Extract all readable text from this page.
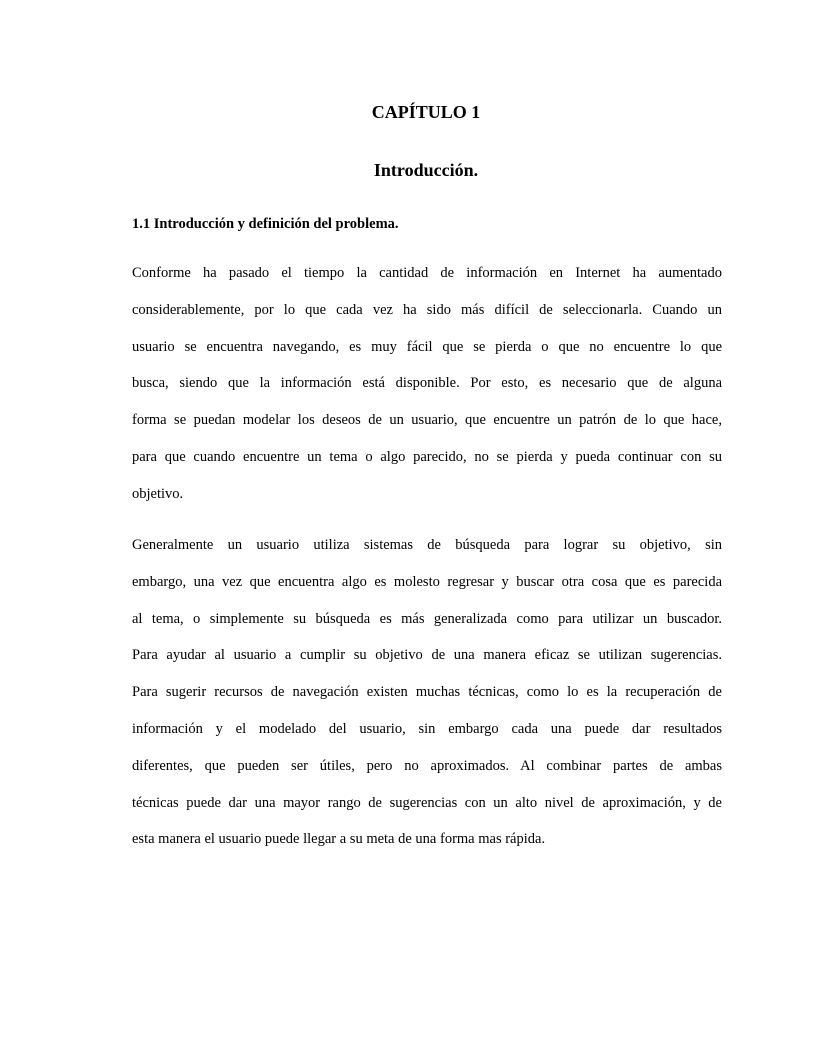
CAPÍTULO 1
Introducción.
1.1 Introducción y definición del problema.
Conforme ha pasado el tiempo la cantidad de información en Internet ha aumentado
considerablemente, por lo que cada vez ha sido más difícil de seleccionarla. Cuando un
usuario se encuentra navegando, es muy fácil que se pierda o que no encuentre lo que
busca, siendo que la información está disponible. Por esto, es necesario que de alguna
forma se puedan modelar los deseos de un usuario, que encuentre un patrón de lo que hace,
para que cuando encuentre un tema o algo parecido, no se pierda y pueda continuar con su
objetivo.
Generalmente un usuario utiliza sistemas de búsqueda para lograr su objetivo, sin
embargo, una vez que encuentra algo es molesto regresar y buscar otra cosa que es parecida
al tema, o simplemente su búsqueda es más generalizada como para utilizar un buscador.
Para ayudar al usuario a cumplir su objetivo de una manera eficaz se utilizan sugerencias.
Para sugerir recursos de navegación existen muchas técnicas, como lo es la recuperación de
información y el modelado del usuario, sin embargo cada una puede dar resultados
diferentes, que pueden ser útiles, pero no aproximados. Al combinar partes de ambas
técnicas puede dar una mayor rango de sugerencias con un alto nivel de aproximación, y de
esta manera el usuario puede llegar a su meta de una forma mas rápida.
